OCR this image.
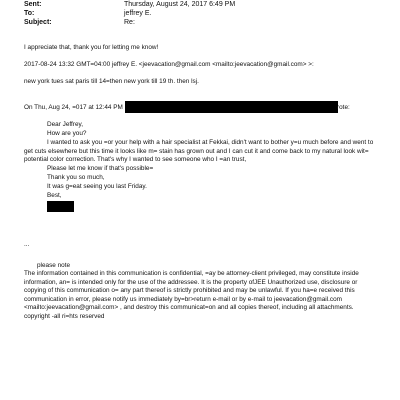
Sent:	Thursday, August 24, 2017 6:49 PM
To:	jeffrey E.
Subject:	Re:
I appreciate that, thank you for letting me know!
2017-08-24 13:32 GMT=04:00 jeffrey E. <jeevacation@gmail.com <mailto:jeevacation@gmail.com> >:
new york tues sat paris till 14=then new york till 19 th. then lsj.
On Thu, Aug 24, =017 at 12:44 PM	rote:
Dear Jeffrey,
How are you?
I wanted to ask you =or your help with a hair specialist at Fekkai, didn't want to bother y=u much before and went to get cuts elsewhere but this time it looks like m= stain has grown out and I can cut it and come back to my natural look wit= potential color correction. That's why I wanted to see someone who I =an trust,
Please let me know if that's possible=
Thank you so much,
It was g=eat seeing you last Friday.
Best,
...
please note
The information contained in this communication is confidential, =ay be attorney-client privileged, may constitute inside information, an= is intended only for the use of the addressee. It is the property ofJEE Unauthorized use, disclosure or copying of this communication o= any part thereof is strictly prohibited and may be unlawful. If you ha=e received this communication in error, please notify us immediately by=br>return e-mail or by e-mail to jeevacation@gmail.com <mailto:jeevacation@gmail.com> , and destroy this communicat=on and all copies thereof, including all attachments. copyright -all ri=hts reserved
